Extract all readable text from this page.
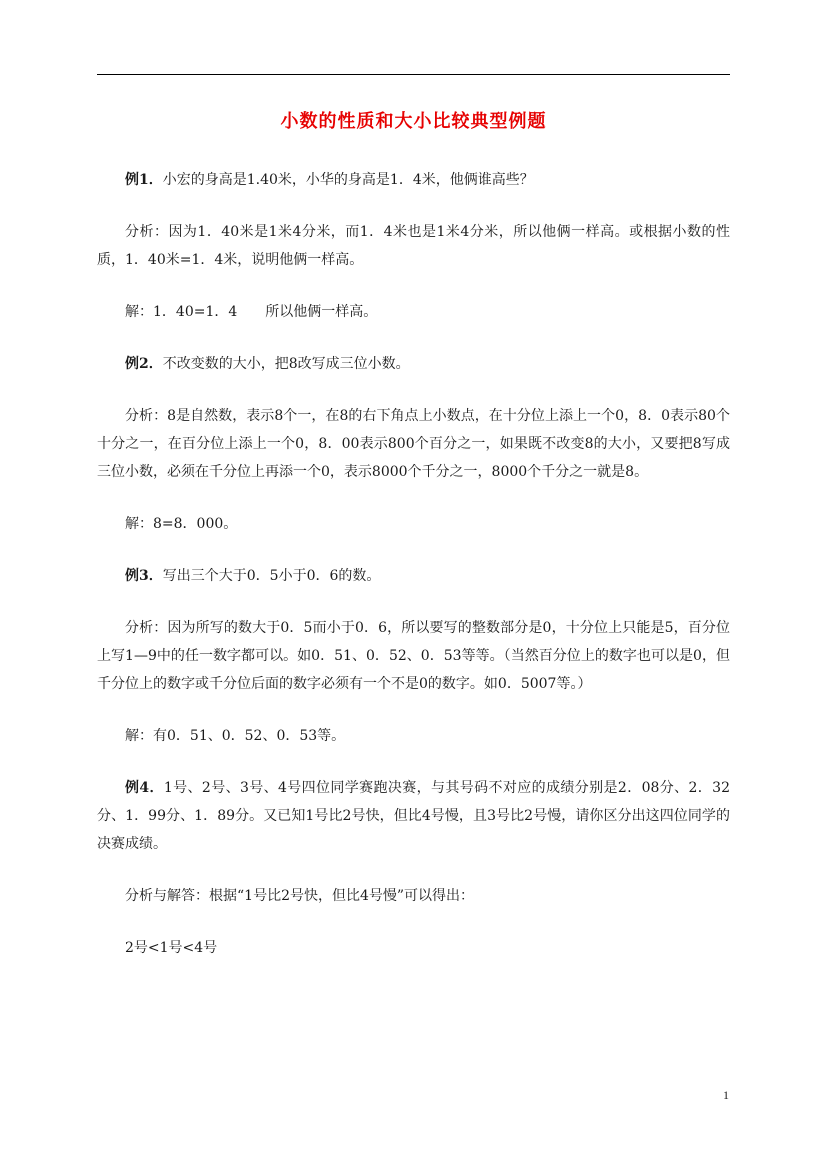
小数的性质和大小比较典型例题

例1．小宏的身高是1.40米，小华的身高是1．4米，他俩谁高些？

分析：因为1．40米是1米4分米，而1．4米也是1米4分米，所以他俩一样高。或根据小数的性质，1．40米=1．4米，说明他俩一样高。

解：1．40=1．4　　所以他俩一样高。

例2．不改变数的大小，把8改写成三位小数。

分析：8是自然数，表示8个一，在8的右下角点上小数点，在十分位上添上一个0，8．0表示80个十分之一，在百分位上添上一个0，8．00表示800个百分之一，如果既不改变8的大小，又要把8写成三位小数，必须在千分位上再添一个0，表示8000个千分之一，8000个千分之一就是8。

解：8=8．000。

例3．写出三个大于0．5小于0．6的数。

分析：因为所写的数大于0．5而小于0．6，所以要写的整数部分是0，十分位上只能是5，百分位上写1—9中的任一数字都可以。如0．51、0．52、0．53等等。（当然百分位上的数字也可以是0，但千分位上的数字或千分位后面的数字必须有一个不是0的数字。如0．5007等。）

解：有0．51、0．52、0．53等。

例4．1号、2号、3号、4号四位同学赛跑决赛，与其号码不对应的成绩分别是2．08分、2．32分、1．99分、1．89分。又已知1号比2号快，但比4号慢，且3号比2号慢，请你区分出这四位同学的决赛成绩。

分析与解答：根据“1号比2号快，但比4号慢”可以得出：

2号<1号<4号

1
